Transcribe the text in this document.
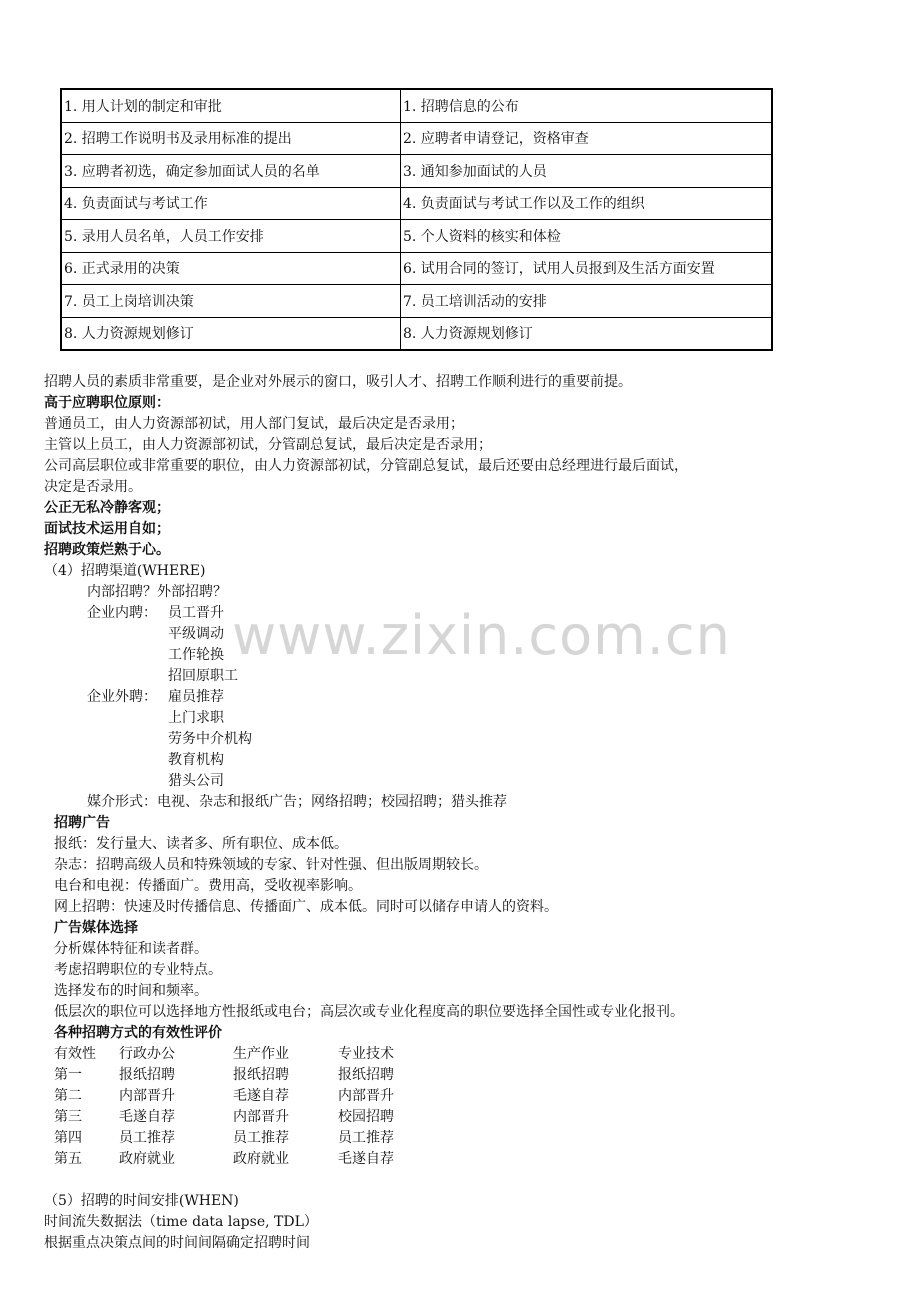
www.zixin.com.cn
1. 用人计划的制定和审批	1. 招聘信息的公布
2. 招聘工作说明书及录用标准的提出	2. 应聘者申请登记，资格审查
3. 应聘者初选，确定参加面试人员的名单	3. 通知参加面试的人员
4. 负责面试与考试工作	4. 负责面试与考试工作以及工作的组织
5. 录用人员名单，人员工作安排	5. 个人资料的核实和体检
6. 正式录用的决策	6. 试用合同的签订，试用人员报到及生活方面安置
7. 员工上岗培训决策	7. 员工培训活动的安排
8. 人力资源规划修订	8. 人力资源规划修订
招聘人员的素质非常重要，是企业对外展示的窗口，吸引人才、招聘工作顺利进行的重要前提。
高于应聘职位原则：
普通员工，由人力资源部初试，用人部门复试，最后决定是否录用；
主管以上员工，由人力资源部初试，分管副总复试，最后决定是否录用；
公司高层职位或非常重要的职位，由人力资源部初试，分管副总复试，最后还要由总经理进行最后面试，
决定是否录用。
公正无私冷静客观；
面试技术运用自如；
招聘政策烂熟于心。
（4）招聘渠道(WHERE)
内部招聘？外部招聘？
企业内聘： 员工晋升
平级调动
工作轮换
招回原职工
企业外聘： 雇员推荐
上门求职
劳务中介机构
教育机构
猎头公司
媒介形式：电视、杂志和报纸广告；网络招聘；校园招聘；猎头推荐
招聘广告
报纸：发行量大、读者多、所有职位、成本低。
杂志：招聘高级人员和特殊领域的专家、针对性强、但出版周期较长。
电台和电视：传播面广。费用高，受收视率影响。
网上招聘：快速及时传播信息、传播面广、成本低。同时可以储存申请人的资料。
广告媒体选择
分析媒体特征和读者群。
考虑招聘职位的专业特点。
选择发布的时间和频率。
低层次的职位可以选择地方性报纸或电台；高层次或专业化程度高的职位要选择全国性或专业化报刊。
各种招聘方式的有效性评价
有效性 行政办公	生产作业	专业技术
第一	报纸招聘	报纸招聘	报纸招聘
第二	内部晋升	毛遂自荐	内部晋升
第三	毛遂自荐	内部晋升	校园招聘
第四	员工推荐	员工推荐	员工推荐
第五	政府就业	政府就业	毛遂自荐
（5）招聘的时间安排(WHEN)
时间流失数据法（time data lapse, TDL）
根据重点决策点间的时间间隔确定招聘时间
